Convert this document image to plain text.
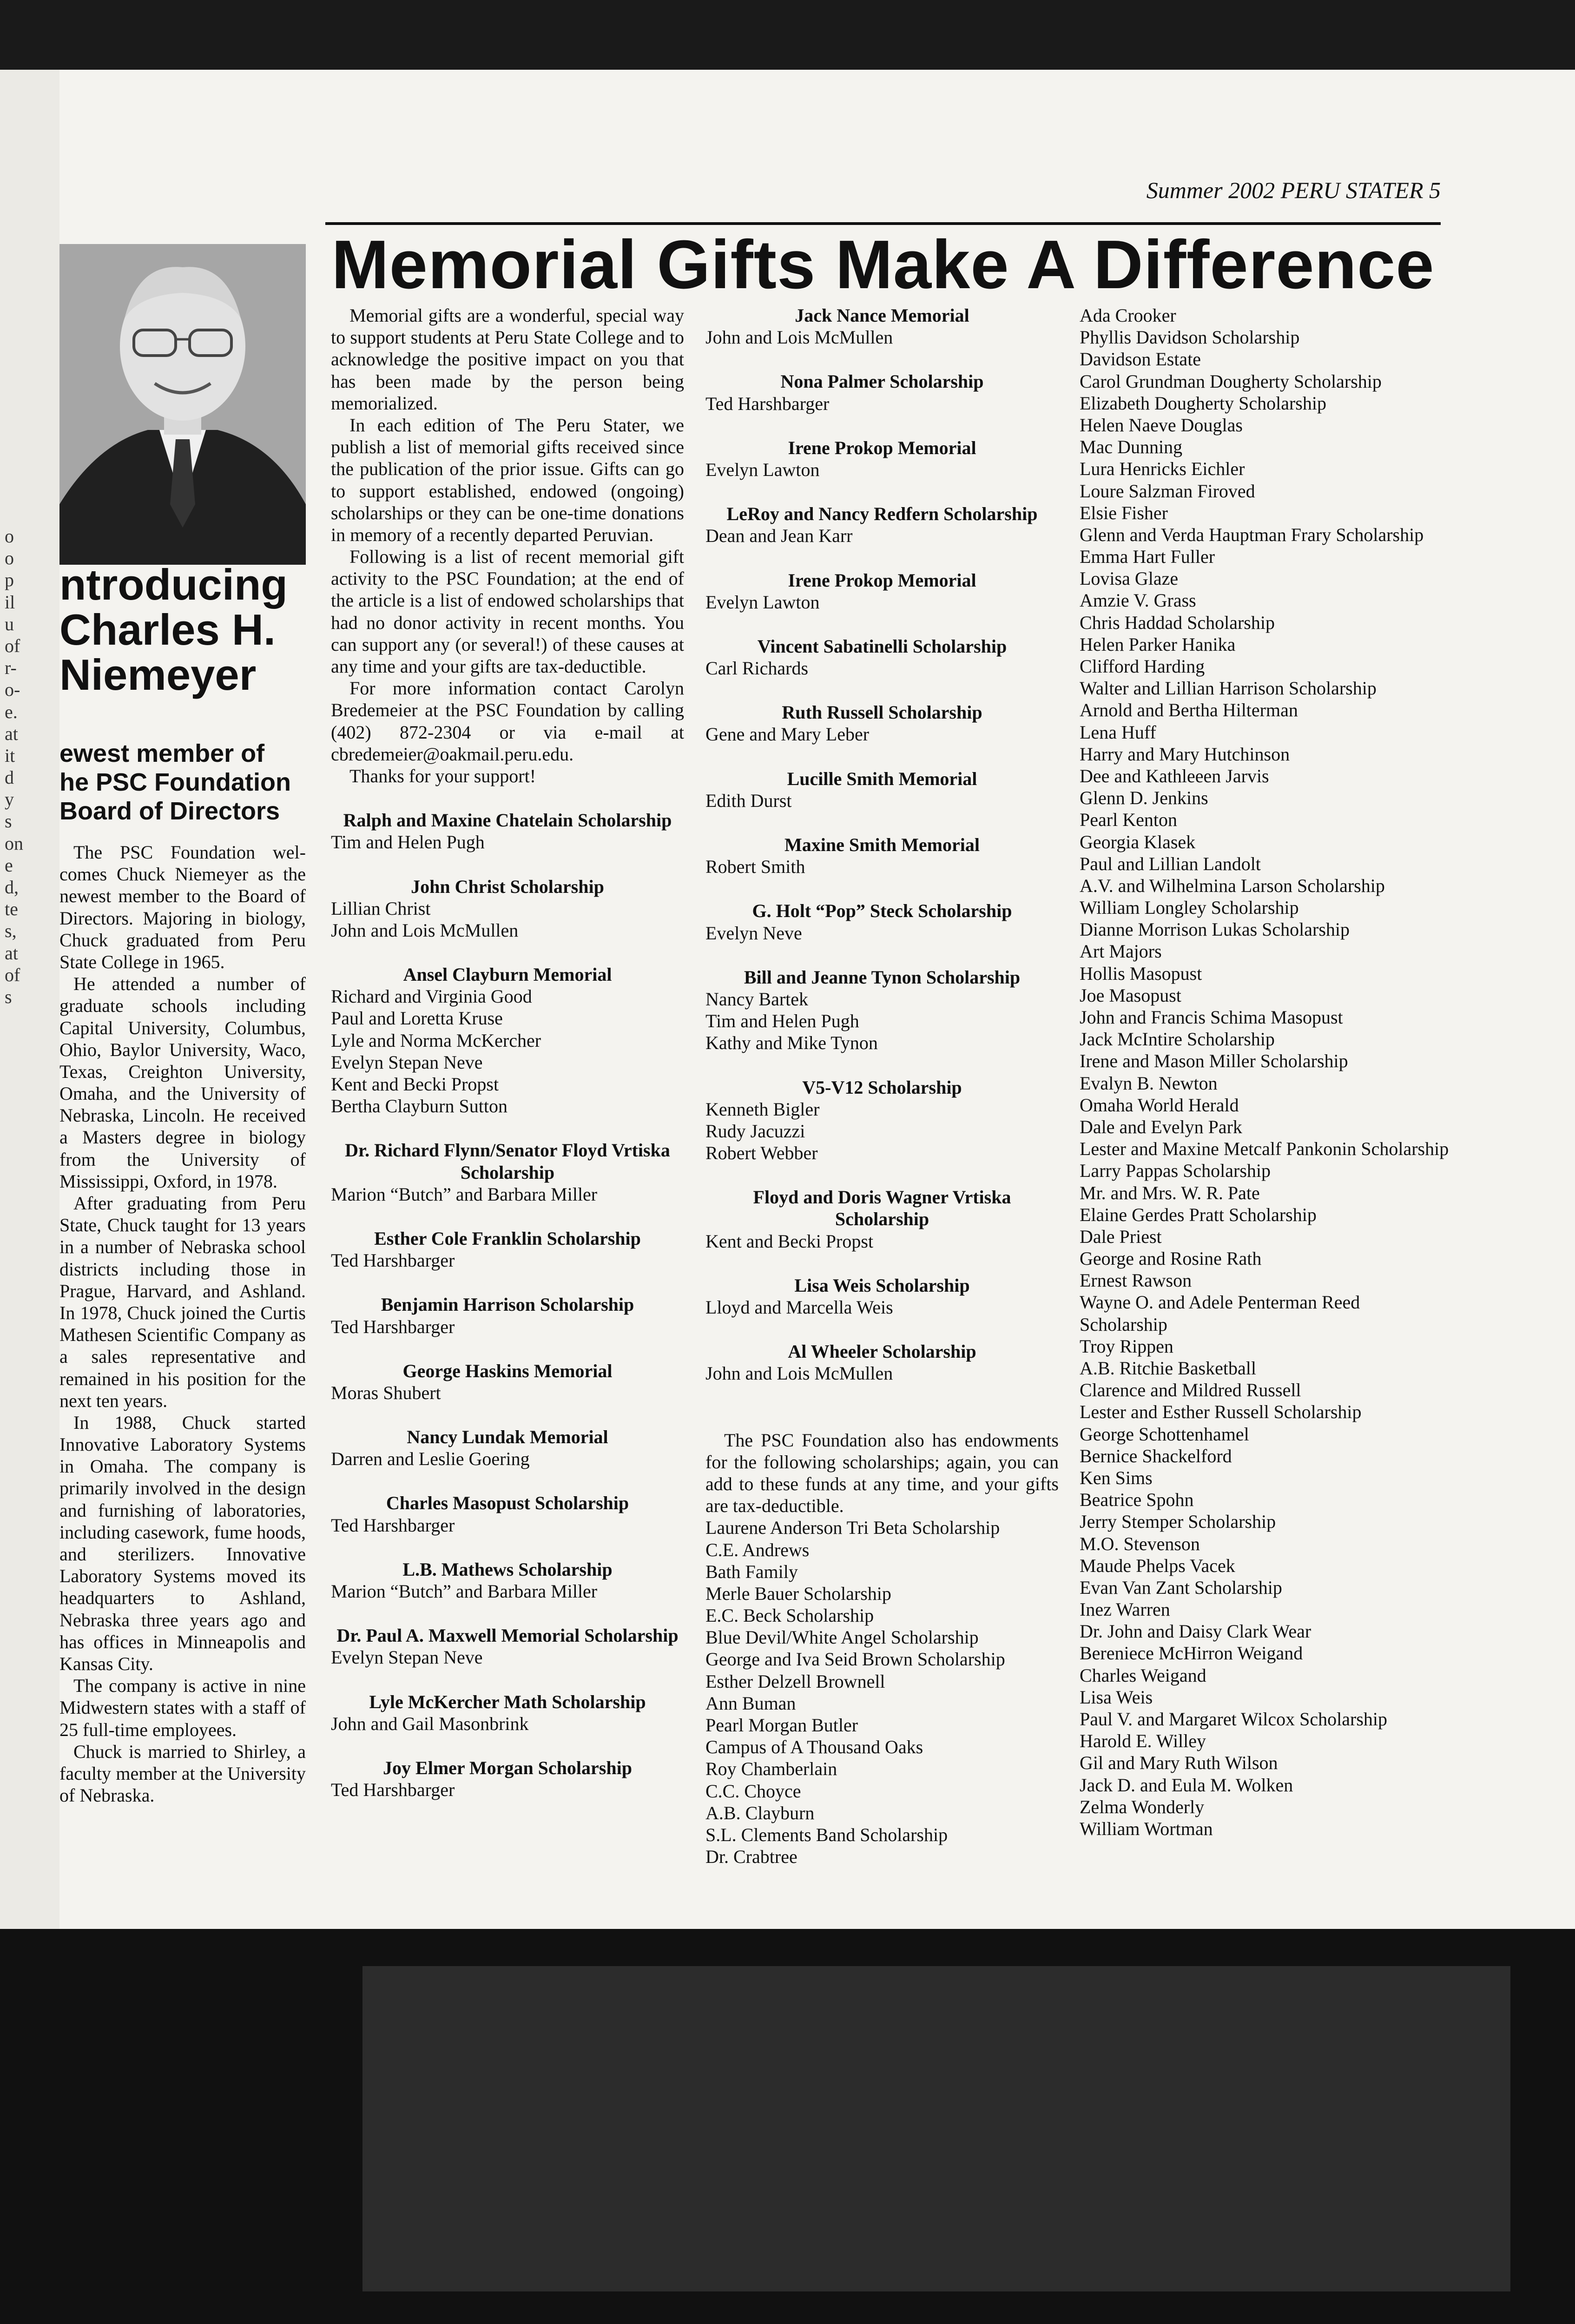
o
o
p
il
u
of
r-
o-
e.
at
it
d
y
s
on
e
d,
te
s,
at
of
s
Summer 2002 PERU STATER 5
Memorial Gifts Make A Difference
ntroducing
Charles H.
Niemeyer
ewest member of
he PSC Foundation
Board of Directors

The PSC Foundation wel-comes Chuck Niemeyer as the newest member to the Board of Directors. Majoring in biology, Chuck graduated from Peru State College in 1965.

He attended a number of graduate schools including Capital University, Columbus, Ohio, Baylor University, Waco, Texas, Creighton University, Omaha, and the University of Nebraska, Lincoln. He received a Masters degree in biology from the University of Mississippi, Oxford, in 1978.

After graduating from Peru State, Chuck taught for 13 years in a number of Nebraska school districts including those in Prague, Harvard, and Ashland. In 1978, Chuck joined the Curtis Mathesen Scientific Company as a sales representative and remained in his position for the next ten years.

In 1988, Chuck started Innovative Laboratory Systems in Omaha. The company is primarily involved in the design and furnishing of laboratories, including casework, fume hoods, and sterilizers. Innovative Laboratory Systems moved its headquarters to Ashland, Nebraska three years ago and has offices in Minneapolis and Kansas City.

The company is active in nine Midwestern states with a staff of 25 full-time employees.

Chuck is married to Shirley, a faculty member at the University of Nebraska.

Memorial gifts are a wonderful, special way to support students at Peru State College and to acknowledge the positive impact on you that has been made by the person being memorialized.

In each edition of The Peru Stater, we publish a list of memorial gifts received since the publication of the prior issue. Gifts can go to support established, endowed (ongoing) scholarships or they can be one-time donations in memory of a recently departed Peruvian.

Following is a list of recent memorial gift activity to the PSC Foundation; at the end of the article is a list of endowed scholarships that had no donor activity in recent months. You can support any (or several!) of these causes at any time and your gifts are tax-deductible.

For more information contact Carolyn Bredemeier at the PSC Foundation by calling (402) 872-2304 or via e-mail at cbredemeier@oakmail.peru.edu.

Thanks for your support!

Ralph and Maxine Chatelain Scholarship
Tim and Helen Pugh
John Christ Scholarship
Lillian Christ
John and Lois McMullen
Ansel Clayburn Memorial
Richard and Virginia Good
Paul and Loretta Kruse
Lyle and Norma McKercher
Evelyn Stepan Neve
Kent and Becki Propst
Bertha Clayburn Sutton
Dr. Richard Flynn/Senator Floyd Vrtiska Scholarship
Marion “Butch” and Barbara Miller
Esther Cole Franklin Scholarship
Ted Harshbarger
Benjamin Harrison Scholarship
Ted Harshbarger
George Haskins Memorial
Moras Shubert
Nancy Lundak Memorial
Darren and Leslie Goering
Charles Masopust Scholarship
Ted Harshbarger
L.B. Mathews Scholarship
Marion “Butch” and Barbara Miller
Dr. Paul A. Maxwell Memorial Scholarship
Evelyn Stepan Neve
Lyle McKercher Math Scholarship
John and Gail Masonbrink
Joy Elmer Morgan Scholarship
Ted Harshbarger
Jack Nance Memorial
John and Lois McMullen
Nona Palmer Scholarship
Ted Harshbarger
Irene Prokop Memorial
Evelyn Lawton
LeRoy and Nancy Redfern Scholarship
Dean and Jean Karr
Irene Prokop Memorial
Evelyn Lawton
Vincent Sabatinelli Scholarship
Carl Richards
Ruth Russell Scholarship
Gene and Mary Leber
Lucille Smith Memorial
Edith Durst
Maxine Smith Memorial
Robert Smith
G. Holt “Pop” Steck Scholarship
Evelyn Neve
Bill and Jeanne Tynon Scholarship
Nancy Bartek
Tim and Helen Pugh
Kathy and Mike Tynon
V5-V12 Scholarship
Kenneth Bigler
Rudy Jacuzzi
Robert Webber
Floyd and Doris Wagner Vrtiska Scholarship
Kent and Becki Propst
Lisa Weis Scholarship
Lloyd and Marcella Weis
Al Wheeler Scholarship
John and Lois McMullen

The PSC Foundation also has endowments for the following scholarships; again, you can add to these funds at any time, and your gifts are tax-deductible.

Laurene Anderson Tri Beta Scholarship
C.E. Andrews
Bath Family
Merle Bauer Scholarship
E.C. Beck Scholarship
Blue Devil/White Angel Scholarship
George and Iva Seid Brown Scholarship
Esther Delzell Brownell
Ann Buman
Pearl Morgan Butler
Campus of A Thousand Oaks
Roy Chamberlain
C.C. Choyce
A.B. Clayburn
S.L. Clements Band Scholarship
Dr. Crabtree
Ada Crooker
Phyllis Davidson Scholarship
Davidson Estate
Carol Grundman Dougherty Scholarship
Elizabeth Dougherty Scholarship
Helen Naeve Douglas
Mac Dunning
Lura Henricks Eichler
Loure Salzman Firoved
Elsie Fisher
Glenn and Verda Hauptman Frary Scholarship
Emma Hart Fuller
Lovisa Glaze
Amzie V. Grass
Chris Haddad Scholarship
Helen Parker Hanika
Clifford Harding
Walter and Lillian Harrison Scholarship
Arnold and Bertha Hilterman
Lena Huff
Harry and Mary Hutchinson
Dee and Kathleeen Jarvis
Glenn D. Jenkins
Pearl Kenton
Georgia Klasek
Paul and Lillian Landolt
A.V. and Wilhelmina Larson Scholarship
William Longley Scholarship
Dianne Morrison Lukas Scholarship
Art Majors
Hollis Masopust
Joe Masopust
John and Francis Schima Masopust
Jack McIntire Scholarship
Irene and Mason Miller Scholarship
Evalyn B. Newton
Omaha World Herald
Dale and Evelyn Park
Lester and Maxine Metcalf Pankonin Scholarship
Larry Pappas Scholarship
Mr. and Mrs. W. R. Pate
Elaine Gerdes Pratt Scholarship
Dale Priest
George and Rosine Rath
Ernest Rawson
Wayne O. and Adele Penterman Reed Scholarship
Troy Rippen
A.B. Ritchie Basketball
Clarence and Mildred Russell
Lester and Esther Russell Scholarship
George Schottenhamel
Bernice Shackelford
Ken Sims
Beatrice Spohn
Jerry Stemper Scholarship
M.O. Stevenson
Maude Phelps Vacek
Evan Van Zant Scholarship
Inez Warren
Dr. John and Daisy Clark Wear
Bereniece McHirron Weigand
Charles Weigand
Lisa Weis
Paul V. and Margaret Wilcox Scholarship
Harold E. Willey
Gil and Mary Ruth Wilson
Jack D. and Eula M. Wolken
Zelma Wonderly
William Wortman
